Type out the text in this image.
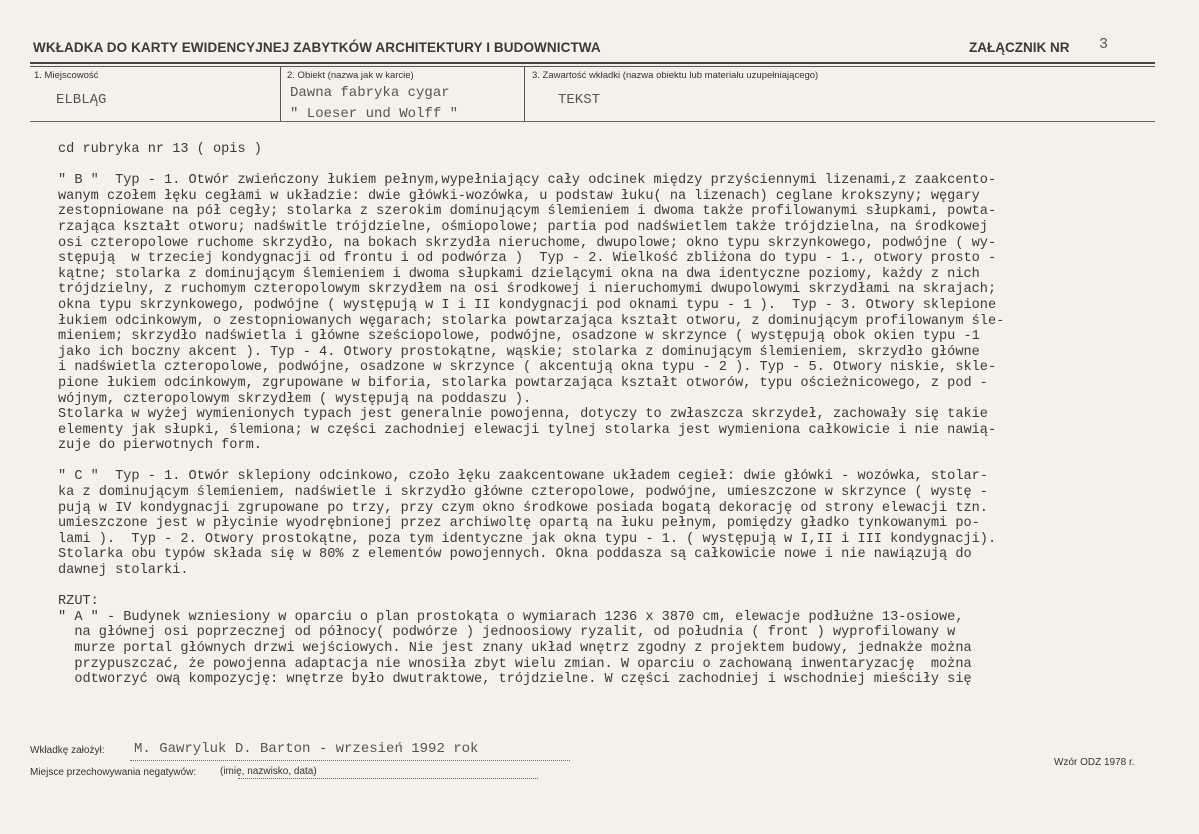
WKŁADKA DO KARTY EWIDENCYJNEJ ZABYTKÓW ARCHITEKTURY I BUDOWNICTWA	ZAŁĄCZNIK NR 3
1. Miejscowość
ELBLĄG
2. Obiekt (nazwa jak w karcie)
Dawna fabryka cygar
" Loeser und Wolff "
3. Zawartość wkładki (nazwa obiektu lub materiału uzupełniającego)
TEKST
cd rubryka nr 13 ( opis )

" B "  Typ - 1. Otwór zwieńczony łukiem pełnym,wypełniający cały odcinek między przyściennymi lizenami,z zaakcento-
wanym czołem łęku cegłami w układzie: dwie główki-wozówka, u podstaw łuku( na lizenach) ceglane krokszyny; węgary
zestopniowane na pół cegły; stolarka z szerokim dominującym ślemieniem i dwoma także profilowanymi słupkami, powta-
rzająca kształt otworu; nadświtle trójdzielne, ośmiopolowe; partia pod nadświetlem także trójdzielna, na środkowej
osi czteropolowe ruchome skrzydło, na bokach skrzydła nieruchome, dwupolowe; okno typu skrzynkowego, podwójne ( wy-
stępują  w trzeciej kondygnacji od frontu i od podwórza )  Typ - 2. Wielkość zbliżona do typu - 1., otwory prosto -
kątne; stolarka z dominującym ślemieniem i dwoma słupkami dzielącymi okna na dwa identyczne poziomy, każdy z nich
trójdzielny, z ruchomym czteropolowym skrzydłem na osi środkowej i nieruchomymi dwupolowymi skrzydłami na skrajach;
okna typu skrzynkowego, podwójne ( występują w I i II kondygnacji pod oknami typu - 1 ).  Typ - 3. Otwory sklepione
łukiem odcinkowym, o zestopniowanych węgarach; stolarka powtarzająca kształt otworu, z dominującym profilowanym śle-
mieniem; skrzydło nadświetla i główne sześciopolowe, podwójne, osadzone w skrzynce ( występują obok okien typu -1
jako ich boczny akcent ). Typ - 4. Otwory prostokątne, wąskie; stolarka z dominującym ślemieniem, skrzydło główne
i nadświetla czteropolowe, podwójne, osadzone w skrzynce ( akcentują okna typu - 2 ). Typ - 5. Otwory niskie, skle-
pione łukiem odcinkowym, zgrupowane w biforia, stolarka powtarzająca kształt otworów, typu ościeżnicowego, z pod -
wójnym, czteropolowym skrzydłem ( występują na poddaszu ).
Stolarka w wyżej wymienionych typach jest generalnie powojenna, dotyczy to zwłaszcza skrzydeł, zachowały się takie
elementy jak słupki, ślemiona; w części zachodniej elewacji tylnej stolarka jest wymieniona całkowicie i nie nawią-
zuje do pierwotnych form.

" C "  Typ - 1. Otwór sklepiony odcinkowo, czoło łęku zaakcentowane układem cegieł: dwie główki - wozówka, stolar-
ka z dominującym ślemieniem, nadświetle i skrzydło główne czteropolowe, podwójne, umieszczone w skrzynce ( wystę -
pują w IV kondygnacji zgrupowane po trzy, przy czym okno środkowe posiada bogatą dekorację od strony elewacji tzn.
umieszczone jest w płycinie wyodrębnionej przez archiwoltę opartą na łuku pełnym, pomiędzy gładko tynkowanymi po-
lami ).  Typ - 2. Otwory prostokątne, poza tym identyczne jak okna typu - 1. ( występują w I,II i III kondygnacji).
Stolarka obu typów składa się w 80% z elementów powojennych. Okna poddasza są całkowicie nowe i nie nawiązują do
dawnej stolarki.

RZUT:
" A " - Budynek wzniesiony w oparciu o plan prostokąta o wymiarach 1236 x 3870 cm, elewacje podłużne 13-osiowe,
na głównej osi poprzecznej od północy( podwórze ) jednoosiowy ryzalit, od południa ( front ) wyprofilowany w
murze portal głównych drzwi wejściowych. Nie jest znany układ wnętrz zgodny z projektem budowy, jednakże można
przypuszczać, że powojenna adaptacja nie wnosiła zbyt wielu zmian. W oparciu o zachowaną inwentaryzację  można
odtworzyć ową kompozycję: wnętrze było dwutraktowe, trójdzielne. W części zachodniej i wschodniej mieściły się

Wkładkę założył: M. Gawryluk D. Barton - wrzesień 1992 rok
(imię, nazwisko, data)
Wzór ODZ 1978 r.
Miejsce przechowywania negatywów:
